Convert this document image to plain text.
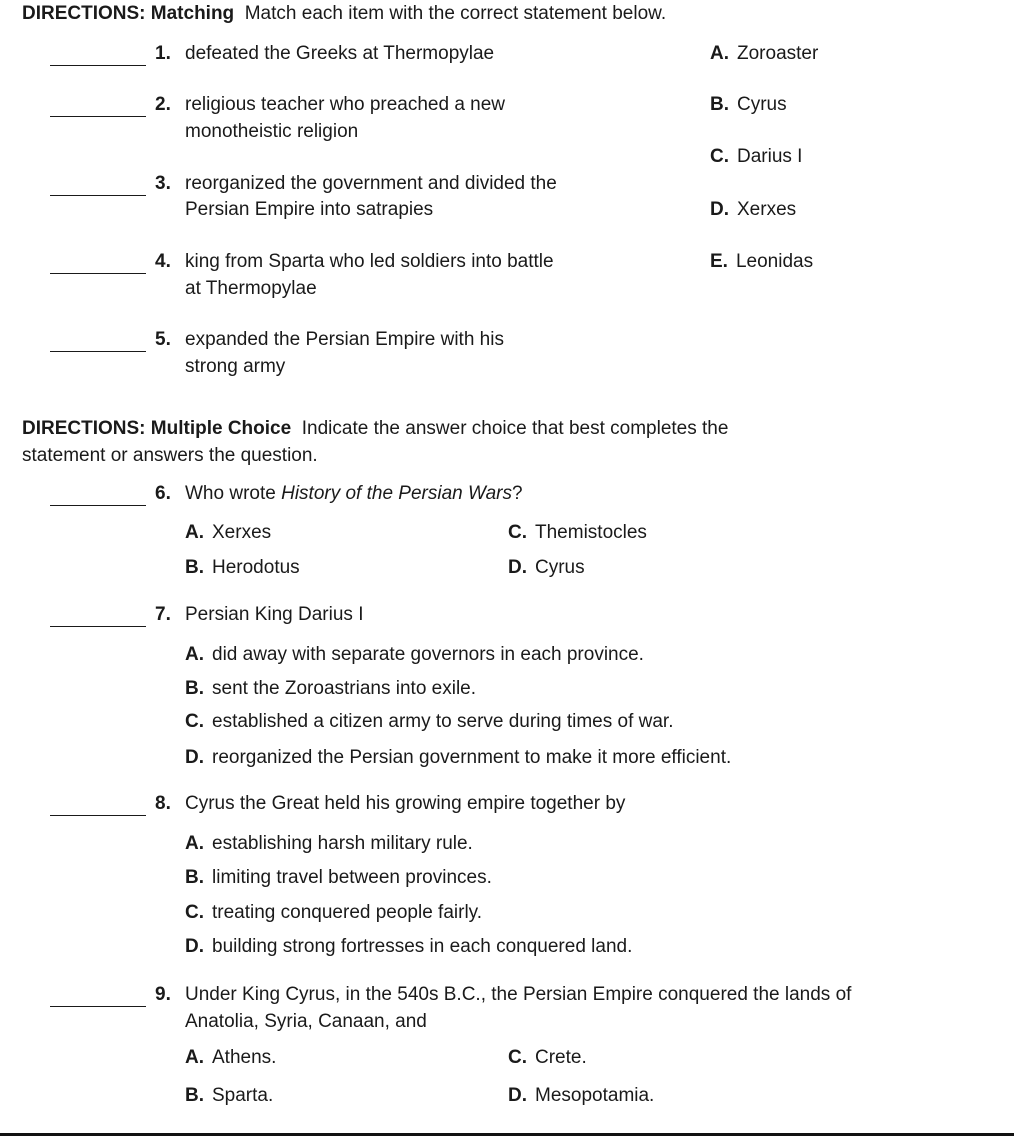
DIRECTIONS: Matching Match each item with the correct statement below.
1. defeated the Greeks at Thermopylae
2. religious teacher who preached a new
monotheistic religion
3. reorganized the government and divided the
Persian Empire into satrapies
4. king from Sparta who led soldiers into battle
at Thermopylae
5. expanded the Persian Empire with his
strong army
A. Zoroaster
B. Cyrus
C. Darius I
D. Xerxes
E. Leonidas
DIRECTIONS: Multiple Choice Indicate the answer choice that best completes the
statement or answers the question.
6. Who wrote History of the Persian Wars?
A. Xerxes
B. Herodotus
C. Themistocles
D. Cyrus
7. Persian King Darius I
A. did away with separate governors in each province.
B. sent the Zoroastrians into exile.
C. established a citizen army to serve during times of war.
D. reorganized the Persian government to make it more efficient.
8. Cyrus the Great held his growing empire together by
A. establishing harsh military rule.
B. limiting travel between provinces.
C. treating conquered people fairly.
D. building strong fortresses in each conquered land.
9. Under King Cyrus, in the 540s B.C., the Persian Empire conquered the lands of
Anatolia, Syria, Canaan, and
A. Athens.
B. Sparta.
C. Crete.
D. Mesopotamia.
